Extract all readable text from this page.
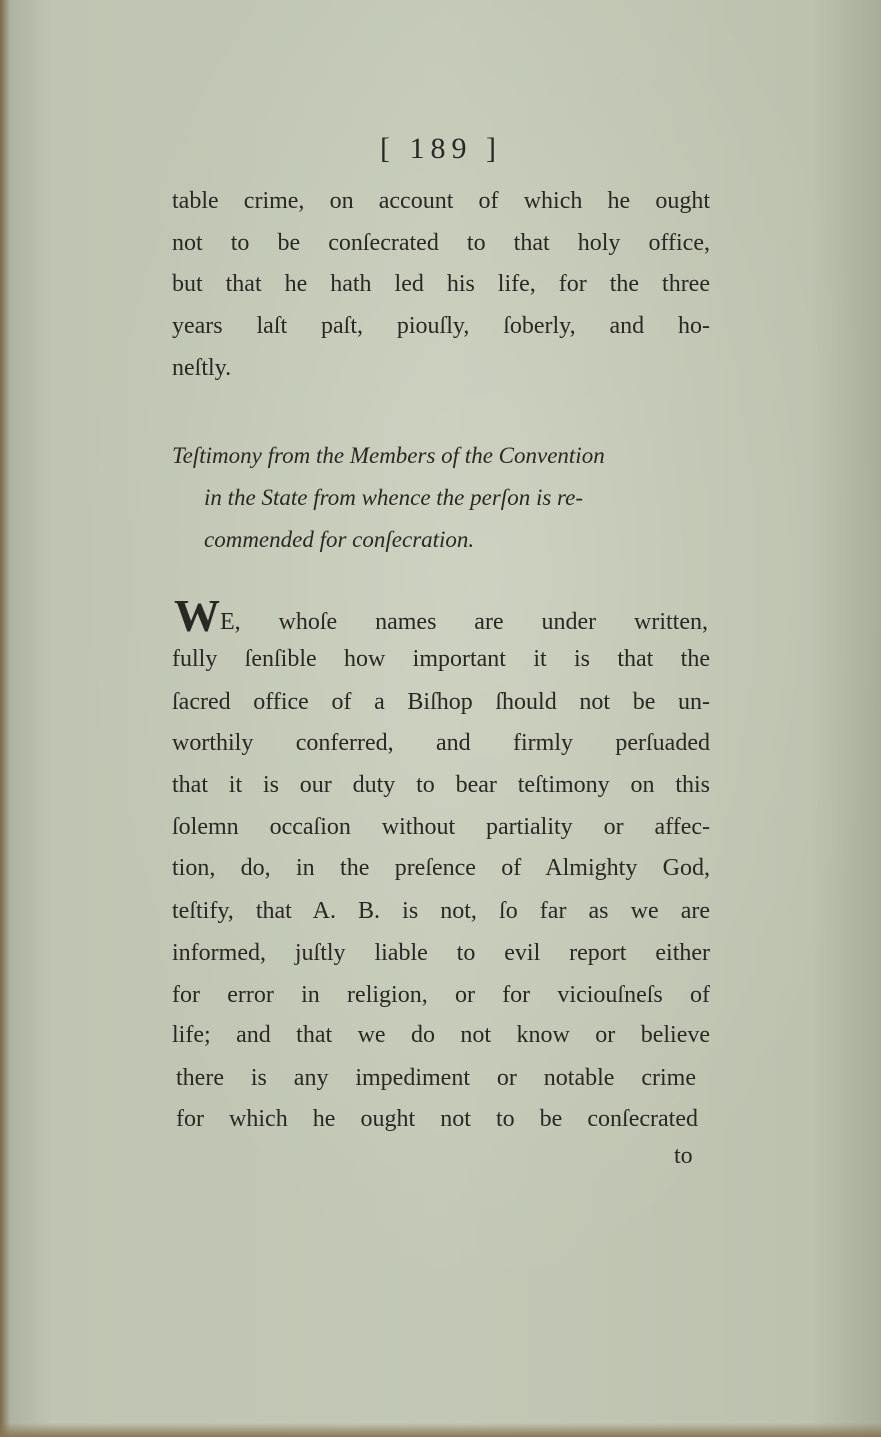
[ 189 ]
table crime, on account of which he ought
not to be conſecrated to that holy office,
but that he hath led his life, for the three
years laſt paſt, piouſly, ſoberly, and ho-
neſtly.
Teſtimony from the Members of the Convention
in the State from whence the perſon is re-
commended for conſecration.
WE, whoſe names are under written,
fully ſenſible how important it is that the
ſacred office of a Biſhop ſhould not be un-
worthily conferred, and firmly perſuaded
that it is our duty to bear teſtimony on this
ſolemn occaſion without partiality or affec-
tion, do, in the preſence of Almighty God,
teſtify, that A. B. is not, ſo far as we are
informed, juſtly liable to evil report either
for error in religion, or for viciouſneſs of
life; and that we do not know or believe
there is any impediment or notable crime
for which he ought not to be conſecrated
to
